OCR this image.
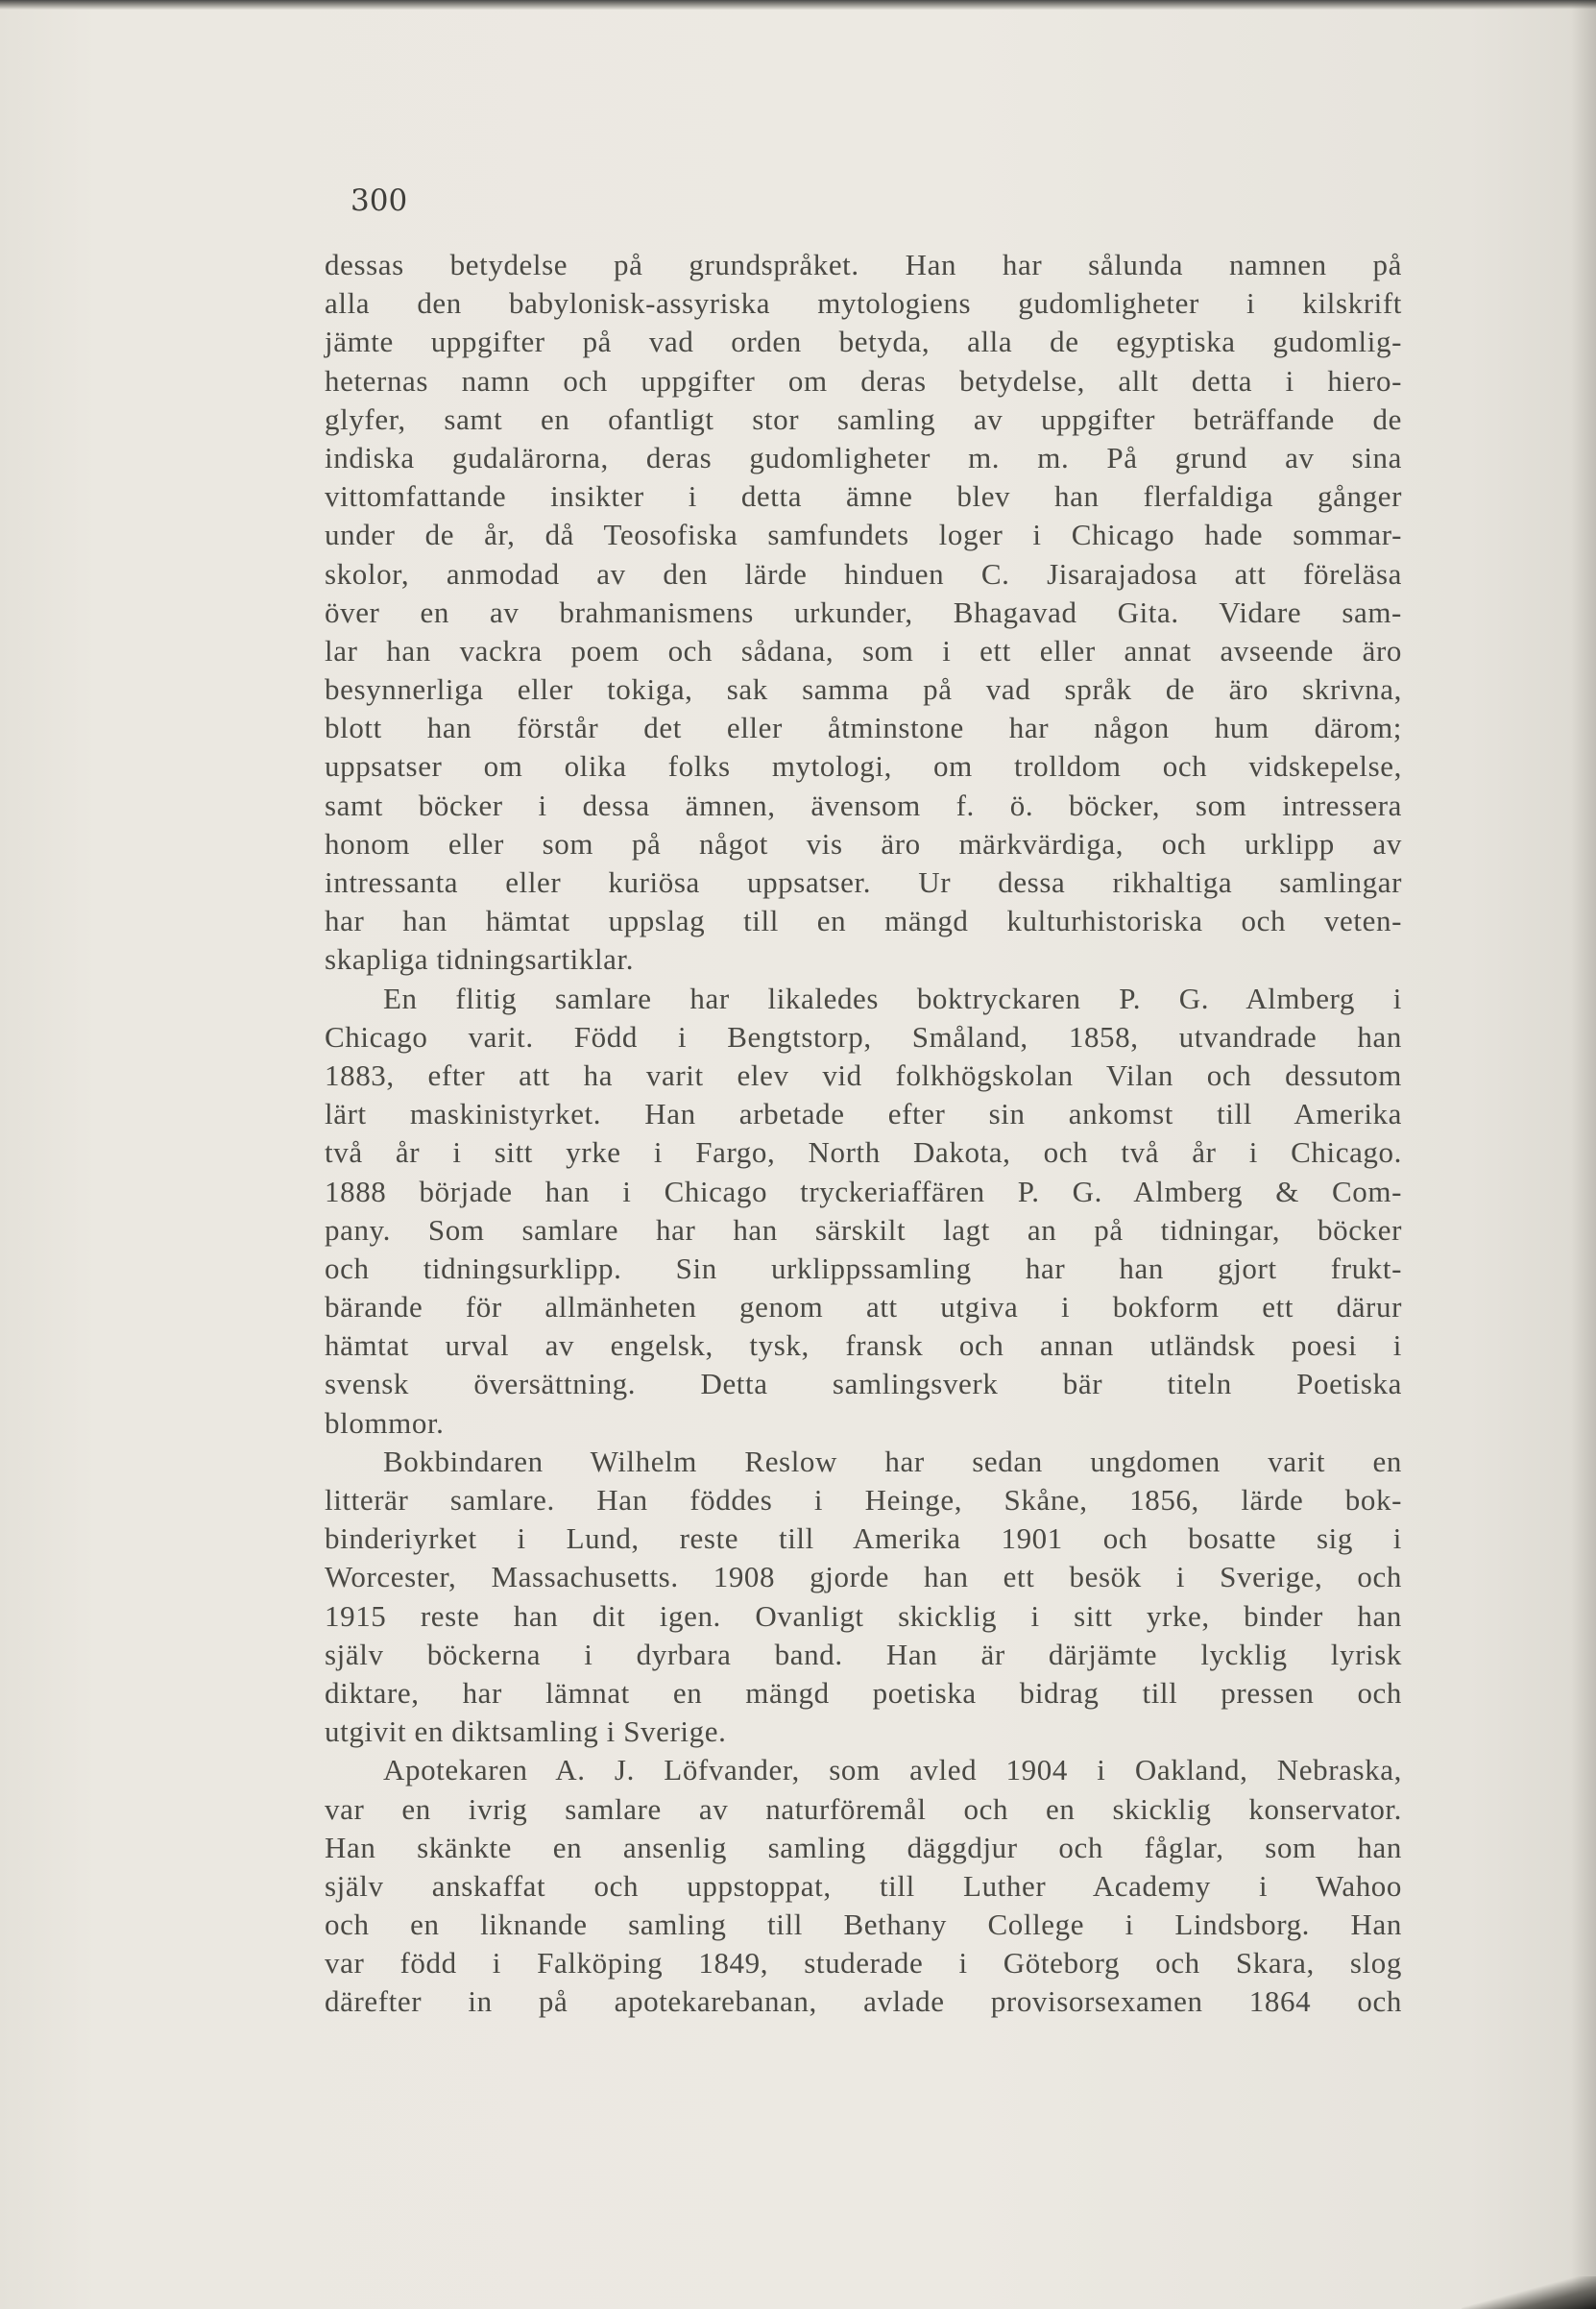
300

dessas betydelse på grundspråket. Han har sålunda namnen på
alla den babylonisk-assyriska mytologiens gudomligheter i kilskrift
jämte uppgifter på vad orden betyda, alla de egyptiska gudomlig-
heternas namn och uppgifter om deras betydelse, allt detta i hiero-
glyfer, samt en ofantligt stor samling av uppgifter beträffande de
indiska gudalärorna, deras gudomligheter m. m. På grund av sina
vittomfattande insikter i detta ämne blev han flerfaldiga gånger
under de år, då Teosofiska samfundets loger i Chicago hade sommar-
skolor, anmodad av den lärde hinduen C. Jisarajadosa att föreläsa
över en av brahmanismens urkunder, Bhagavad Gita. Vidare sam-
lar han vackra poem och sådana, som i ett eller annat avseende äro
besynnerliga eller tokiga, sak samma på vad språk de äro skrivna,
blott han förstår det eller åtminstone har någon hum därom;
uppsatser om olika folks mytologi, om trolldom och vidskepelse,
samt böcker i dessa ämnen, ävensom f. ö. böcker, som intressera
honom eller som på något vis äro märkvärdiga, och urklipp av
intressanta eller kuriösa uppsatser. Ur dessa rikhaltiga samlingar
har han hämtat uppslag till en mängd kulturhistoriska och veten-
skapliga tidningsartiklar.
En flitig samlare har likaledes boktryckaren P. G. Almberg i
Chicago varit. Född i Bengtstorp, Småland, 1858, utvandrade han
1883, efter att ha varit elev vid folkhögskolan Vilan och dessutom
lärt maskinistyrket. Han arbetade efter sin ankomst till Amerika
två år i sitt yrke i Fargo, North Dakota, och två år i Chicago.
1888 började han i Chicago tryckeriaffären P. G. Almberg & Com-
pany. Som samlare har han särskilt lagt an på tidningar, böcker
och tidningsurklipp. Sin urklippssamling har han gjort frukt-
bärande för allmänheten genom att utgiva i bokform ett därur
hämtat urval av engelsk, tysk, fransk och annan utländsk poesi i
svensk översättning. Detta samlingsverk bär titeln Poetiska
blommor.
Bokbindaren Wilhelm Reslow har sedan ungdomen varit en
litterär samlare. Han föddes i Heinge, Skåne, 1856, lärde bok-
binderiyrket i Lund, reste till Amerika 1901 och bosatte sig i
Worcester, Massachusetts. 1908 gjorde han ett besök i Sverige, och
1915 reste han dit igen. Ovanligt skicklig i sitt yrke, binder han
själv böckerna i dyrbara band. Han är därjämte lycklig lyrisk
diktare, har lämnat en mängd poetiska bidrag till pressen och
utgivit en diktsamling i Sverige.
Apotekaren A. J. Löfvander, som avled 1904 i Oakland, Nebraska,
var en ivrig samlare av naturföremål och en skicklig konservator.
Han skänkte en ansenlig samling däggdjur och fåglar, som han
själv anskaffat och uppstoppat, till Luther Academy i Wahoo
och en liknande samling till Bethany College i Lindsborg. Han
var född i Falköping 1849, studerade i Göteborg och Skara, slog
därefter in på apotekarebanan, avlade provisorsexamen 1864 och
